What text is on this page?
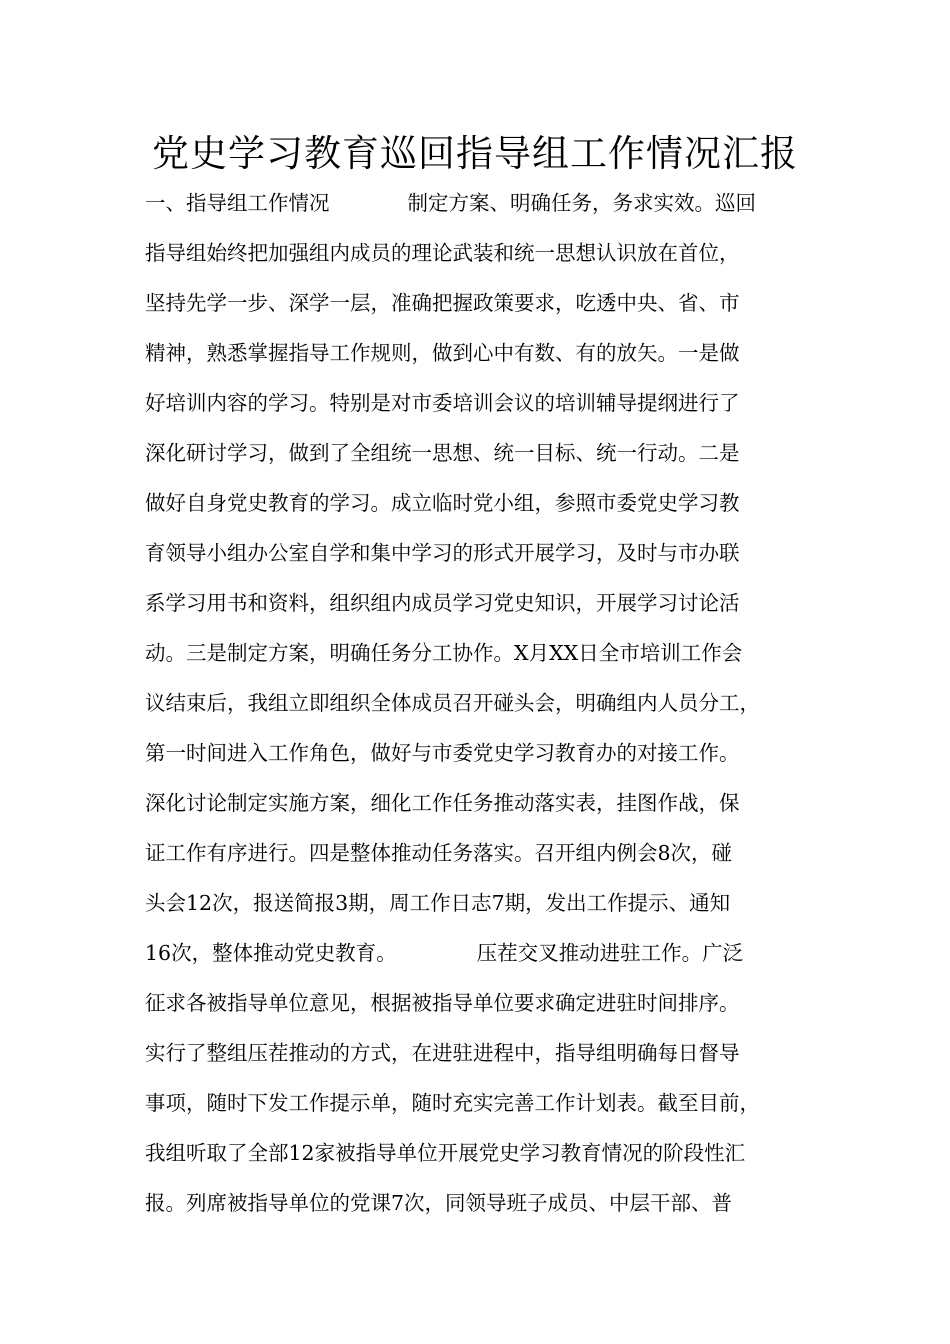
党史学习教育巡回指导组工作情况汇报
一、指导组工作情况	制定方案、明确任务，务求实效。巡回
指导组始终把加强组内成员的理论武装和统一思想认识放在首位，
坚持先学一步、深学一层，准确把握政策要求，吃透中央、省、市
精神，熟悉掌握指导工作规则，做到心中有数、有的放矢。一是做
好培训内容的学习。特别是对市委培训会议的培训辅导提纲进行了
深化研讨学习，做到了全组统一思想、统一目标、统一行动。二是
做好自身党史教育的学习。成立临时党小组，参照市委党史学习教
育领导小组办公室自学和集中学习的形式开展学习，及时与市办联
系学习用书和资料，组织组内成员学习党史知识，开展学习讨论活
动。三是制定方案，明确任务分工协作。X月XX日全市培训工作会
议结束后，我组立即组织全体成员召开碰头会，明确组内人员分工，
第一时间进入工作角色，做好与市委党史学习教育办的对接工作。
深化讨论制定实施方案，细化工作任务推动落实表，挂图作战，保
证工作有序进行。四是整体推动任务落实。召开组内例会8次，碰
头会12次，报送简报3期，周工作日志7期，发出工作提示、通知
16次，整体推动党史教育。	压茬交叉推动进驻工作。广泛
征求各被指导单位意见，根据被指导单位要求确定进驻时间排序。
实行了整组压茬推动的方式，在进驻进程中，指导组明确每日督导
事项，随时下发工作提示单，随时充实完善工作计划表。截至目前，
我组听取了全部12家被指导单位开展党史学习教育情况的阶段性汇
报。列席被指导单位的党课7次，同领导班子成员、中层干部、普
